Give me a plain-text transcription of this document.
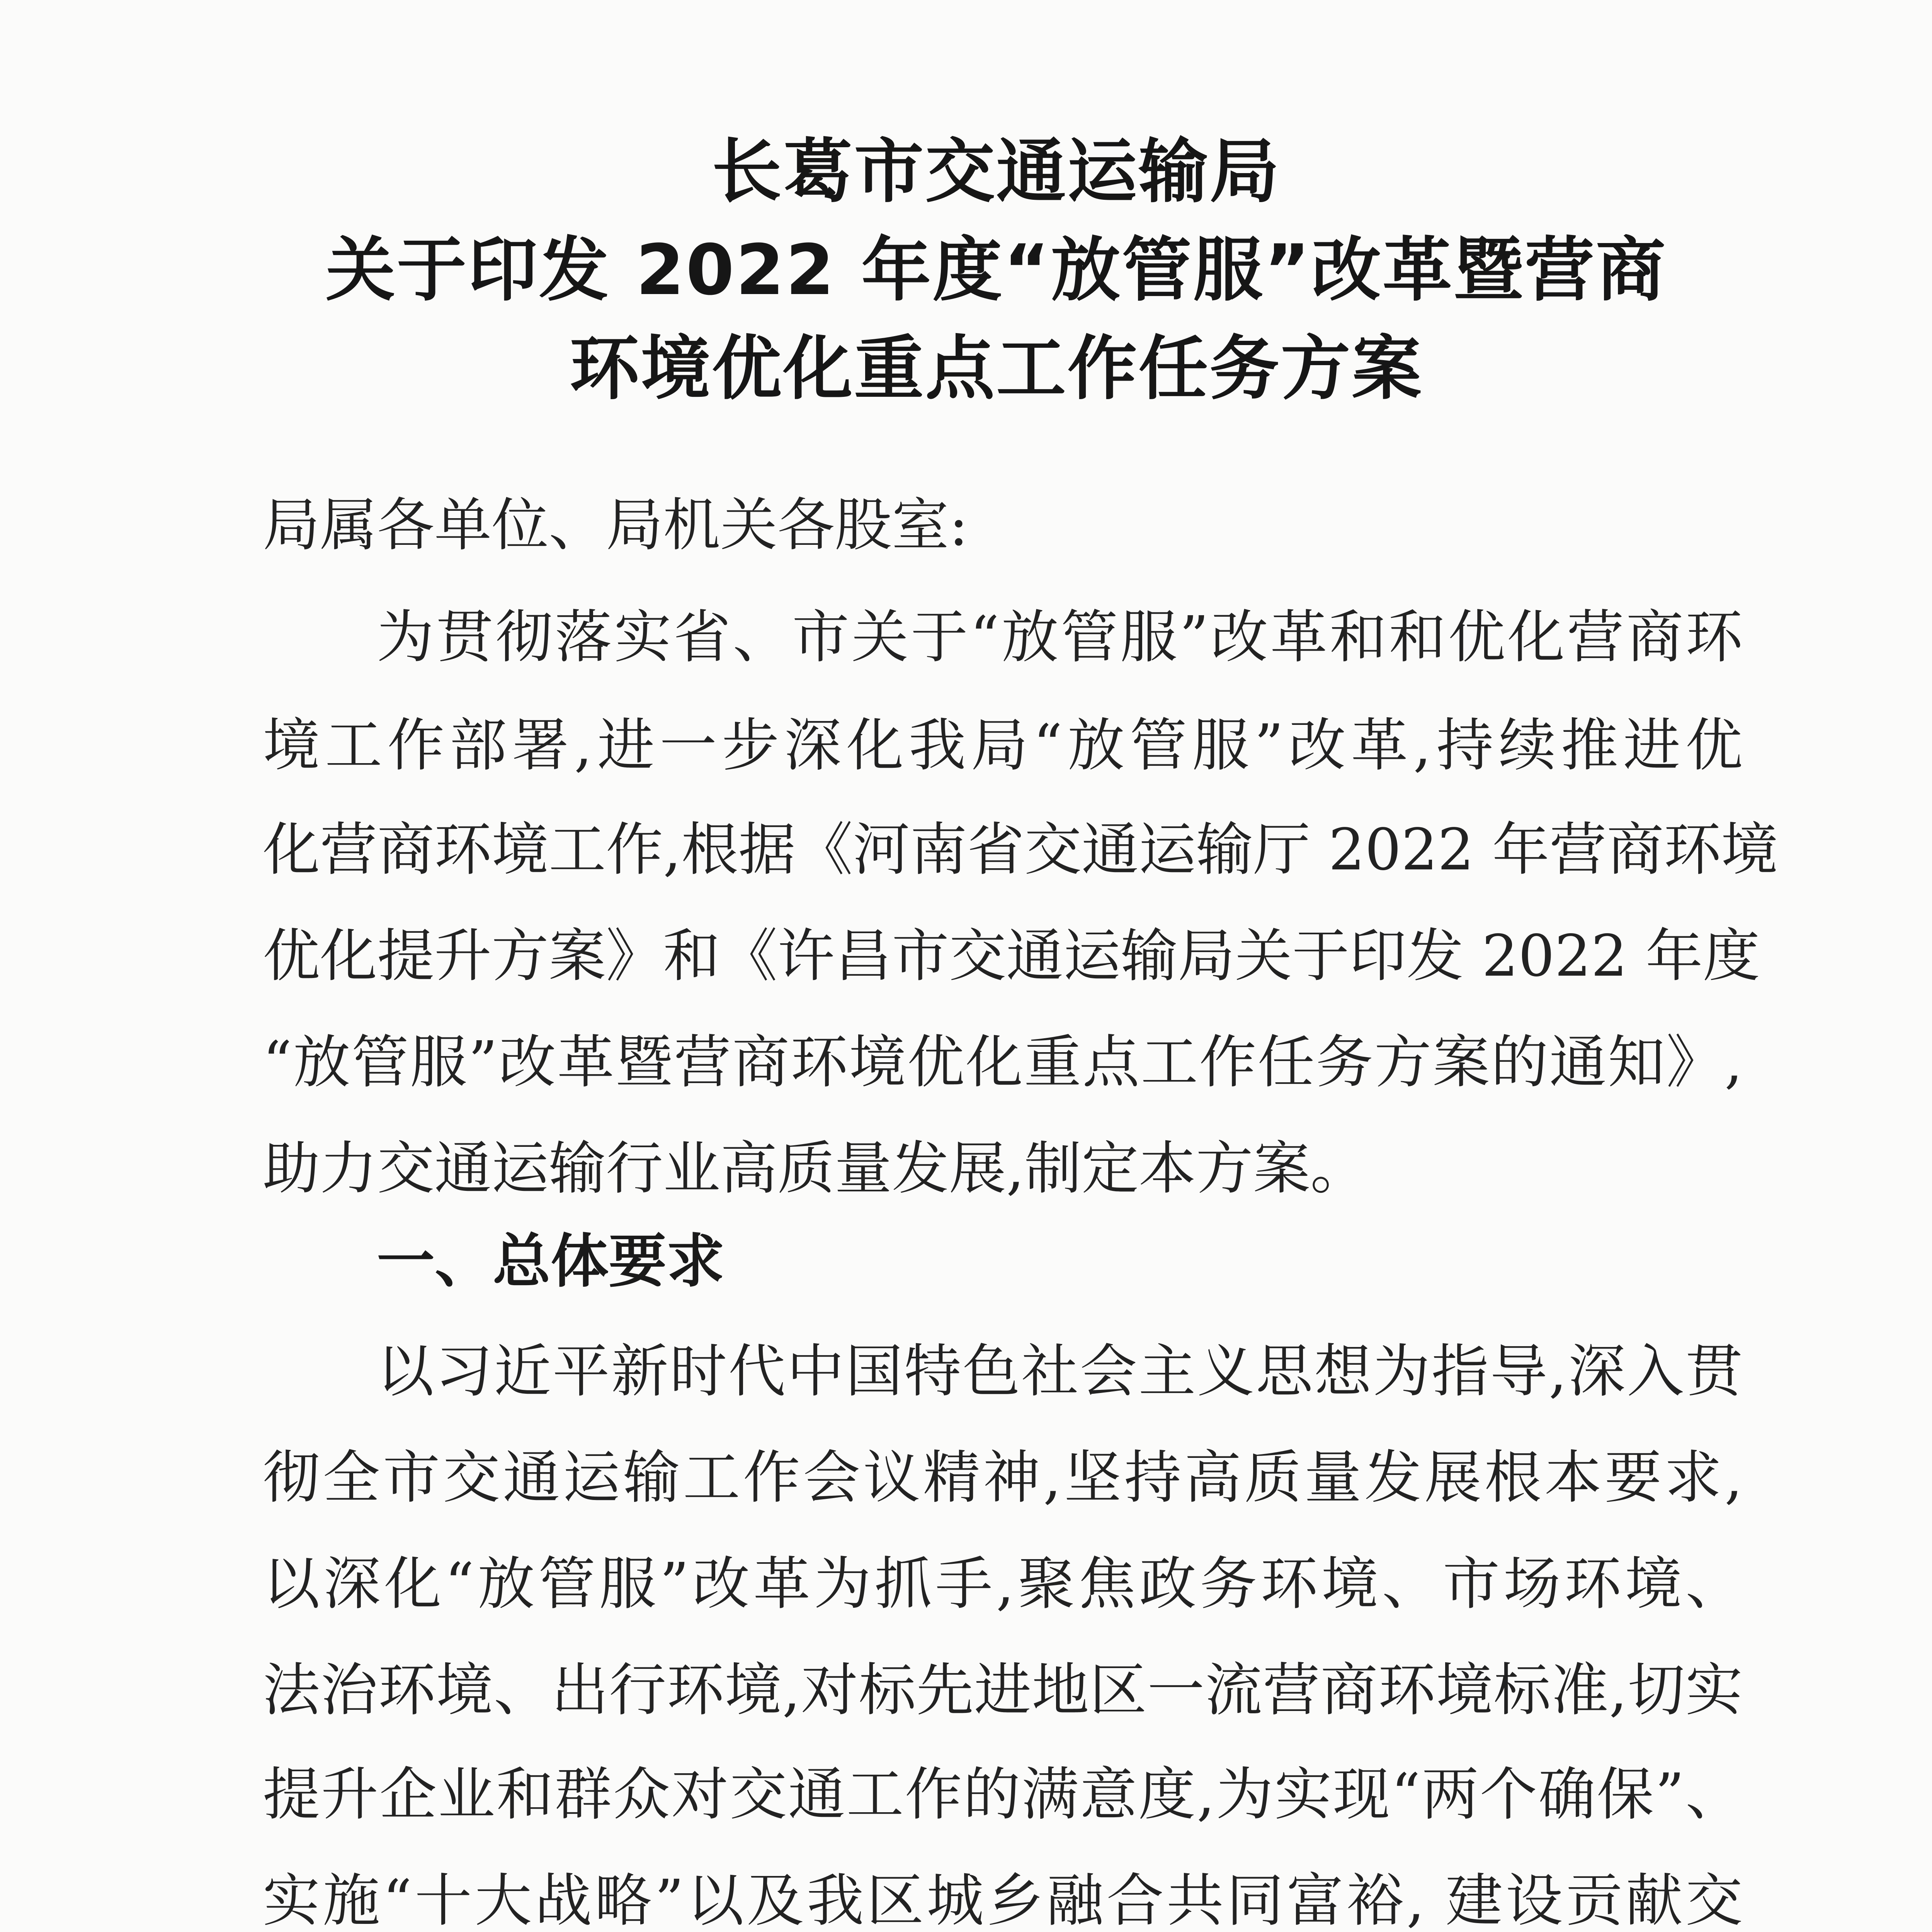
长葛市交通运输局
关于印发 2022 年度“放管服”改革暨营商
环境优化重点工作任务方案
局属各单位、局机关各股室:
为贯彻落实省、市关于“放管服”改革和和优化营商环
境工作部署,进一步深化我局“放管服”改革,持续推进优
化营商环境工作,根据《河南省交通运输厅 2022 年营商环境
优化提升方案》和《许昌市交通运输局关于印发 2022 年度
“放管服”改革暨营商环境优化重点工作任务方案的通知》,
助力交通运输行业高质量发展,制定本方案。
一、总体要求
以习近平新时代中国特色社会主义思想为指导,深入贯
彻全市交通运输工作会议精神,坚持高质量发展根本要求,
以深化“放管服”改革为抓手,聚焦政务环境、市场环境、
法治环境、出行环境,对标先进地区一流营商环境标准,切实
提升企业和群众对交通工作的满意度,为实现“两个确保”、
实施“十大战略”以及我区城乡融合共同富裕, 建设贡献交
